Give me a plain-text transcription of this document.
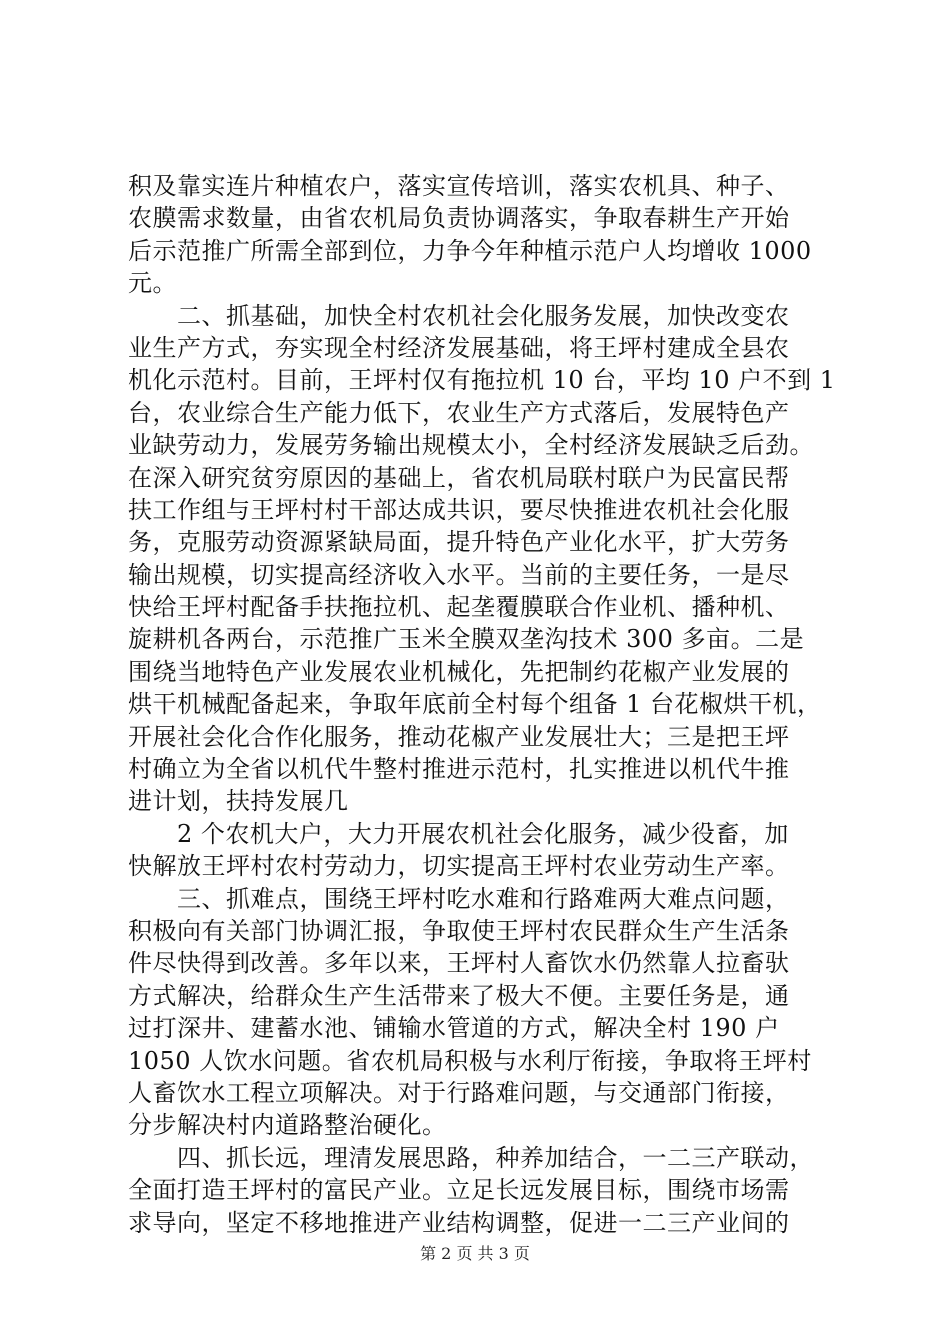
积及靠实连片种植农户，落实宣传培训，落实农机具、种子、
农膜需求数量，由省农机局负责协调落实，争取春耕生产开始
后示范推广所需全部到位，力争今年种植示范户人均增收 1000
元。
　　二、抓基础，加快全村农机社会化服务发展，加快改变农
业生产方式，夯实现全村经济发展基础，将王坪村建成全县农
机化示范村。目前，王坪村仅有拖拉机 10 台，平均 10 户不到 1
台，农业综合生产能力低下，农业生产方式落后，发展特色产
业缺劳动力，发展劳务输出规模太小，全村经济发展缺乏后劲。
在深入研究贫穷原因的基础上，省农机局联村联户为民富民帮
扶工作组与王坪村村干部达成共识，要尽快推进农机社会化服
务，克服劳动资源紧缺局面，提升特色产业化水平，扩大劳务
输出规模，切实提高经济收入水平。当前的主要任务，一是尽
快给王坪村配备手扶拖拉机、起垄覆膜联合作业机、播种机、
旋耕机各两台，示范推广玉米全膜双垄沟技术 300 多亩。二是
围绕当地特色产业发展农业机械化，先把制约花椒产业发展的
烘干机械配备起来，争取年底前全村每个组备 1 台花椒烘干机，
开展社会化合作化服务，推动花椒产业发展壮大；三是把王坪
村确立为全省以机代牛整村推进示范村，扎实推进以机代牛推
进计划，扶持发展几
　　2 个农机大户，大力开展农机社会化服务，减少役畜，加
快解放王坪村农村劳动力，切实提高王坪村农业劳动生产率。
　　三、抓难点，围绕王坪村吃水难和行路难两大难点问题，
积极向有关部门协调汇报，争取使王坪村农民群众生产生活条
件尽快得到改善。多年以来，王坪村人畜饮水仍然靠人拉畜驮
方式解决，给群众生产生活带来了极大不便。主要任务是，通
过打深井、建蓄水池、铺输水管道的方式，解决全村 190 户
1050 人饮水问题。省农机局积极与水利厅衔接，争取将王坪村
人畜饮水工程立项解决。对于行路难问题，与交通部门衔接，
分步解决村内道路整治硬化。
　　四、抓长远，理清发展思路，种养加结合，一二三产联动，
全面打造王坪村的富民产业。立足长远发展目标，围绕市场需
求导向，坚定不移地推进产业结构调整，促进一二三产业间的
第 2 页 共 3 页
